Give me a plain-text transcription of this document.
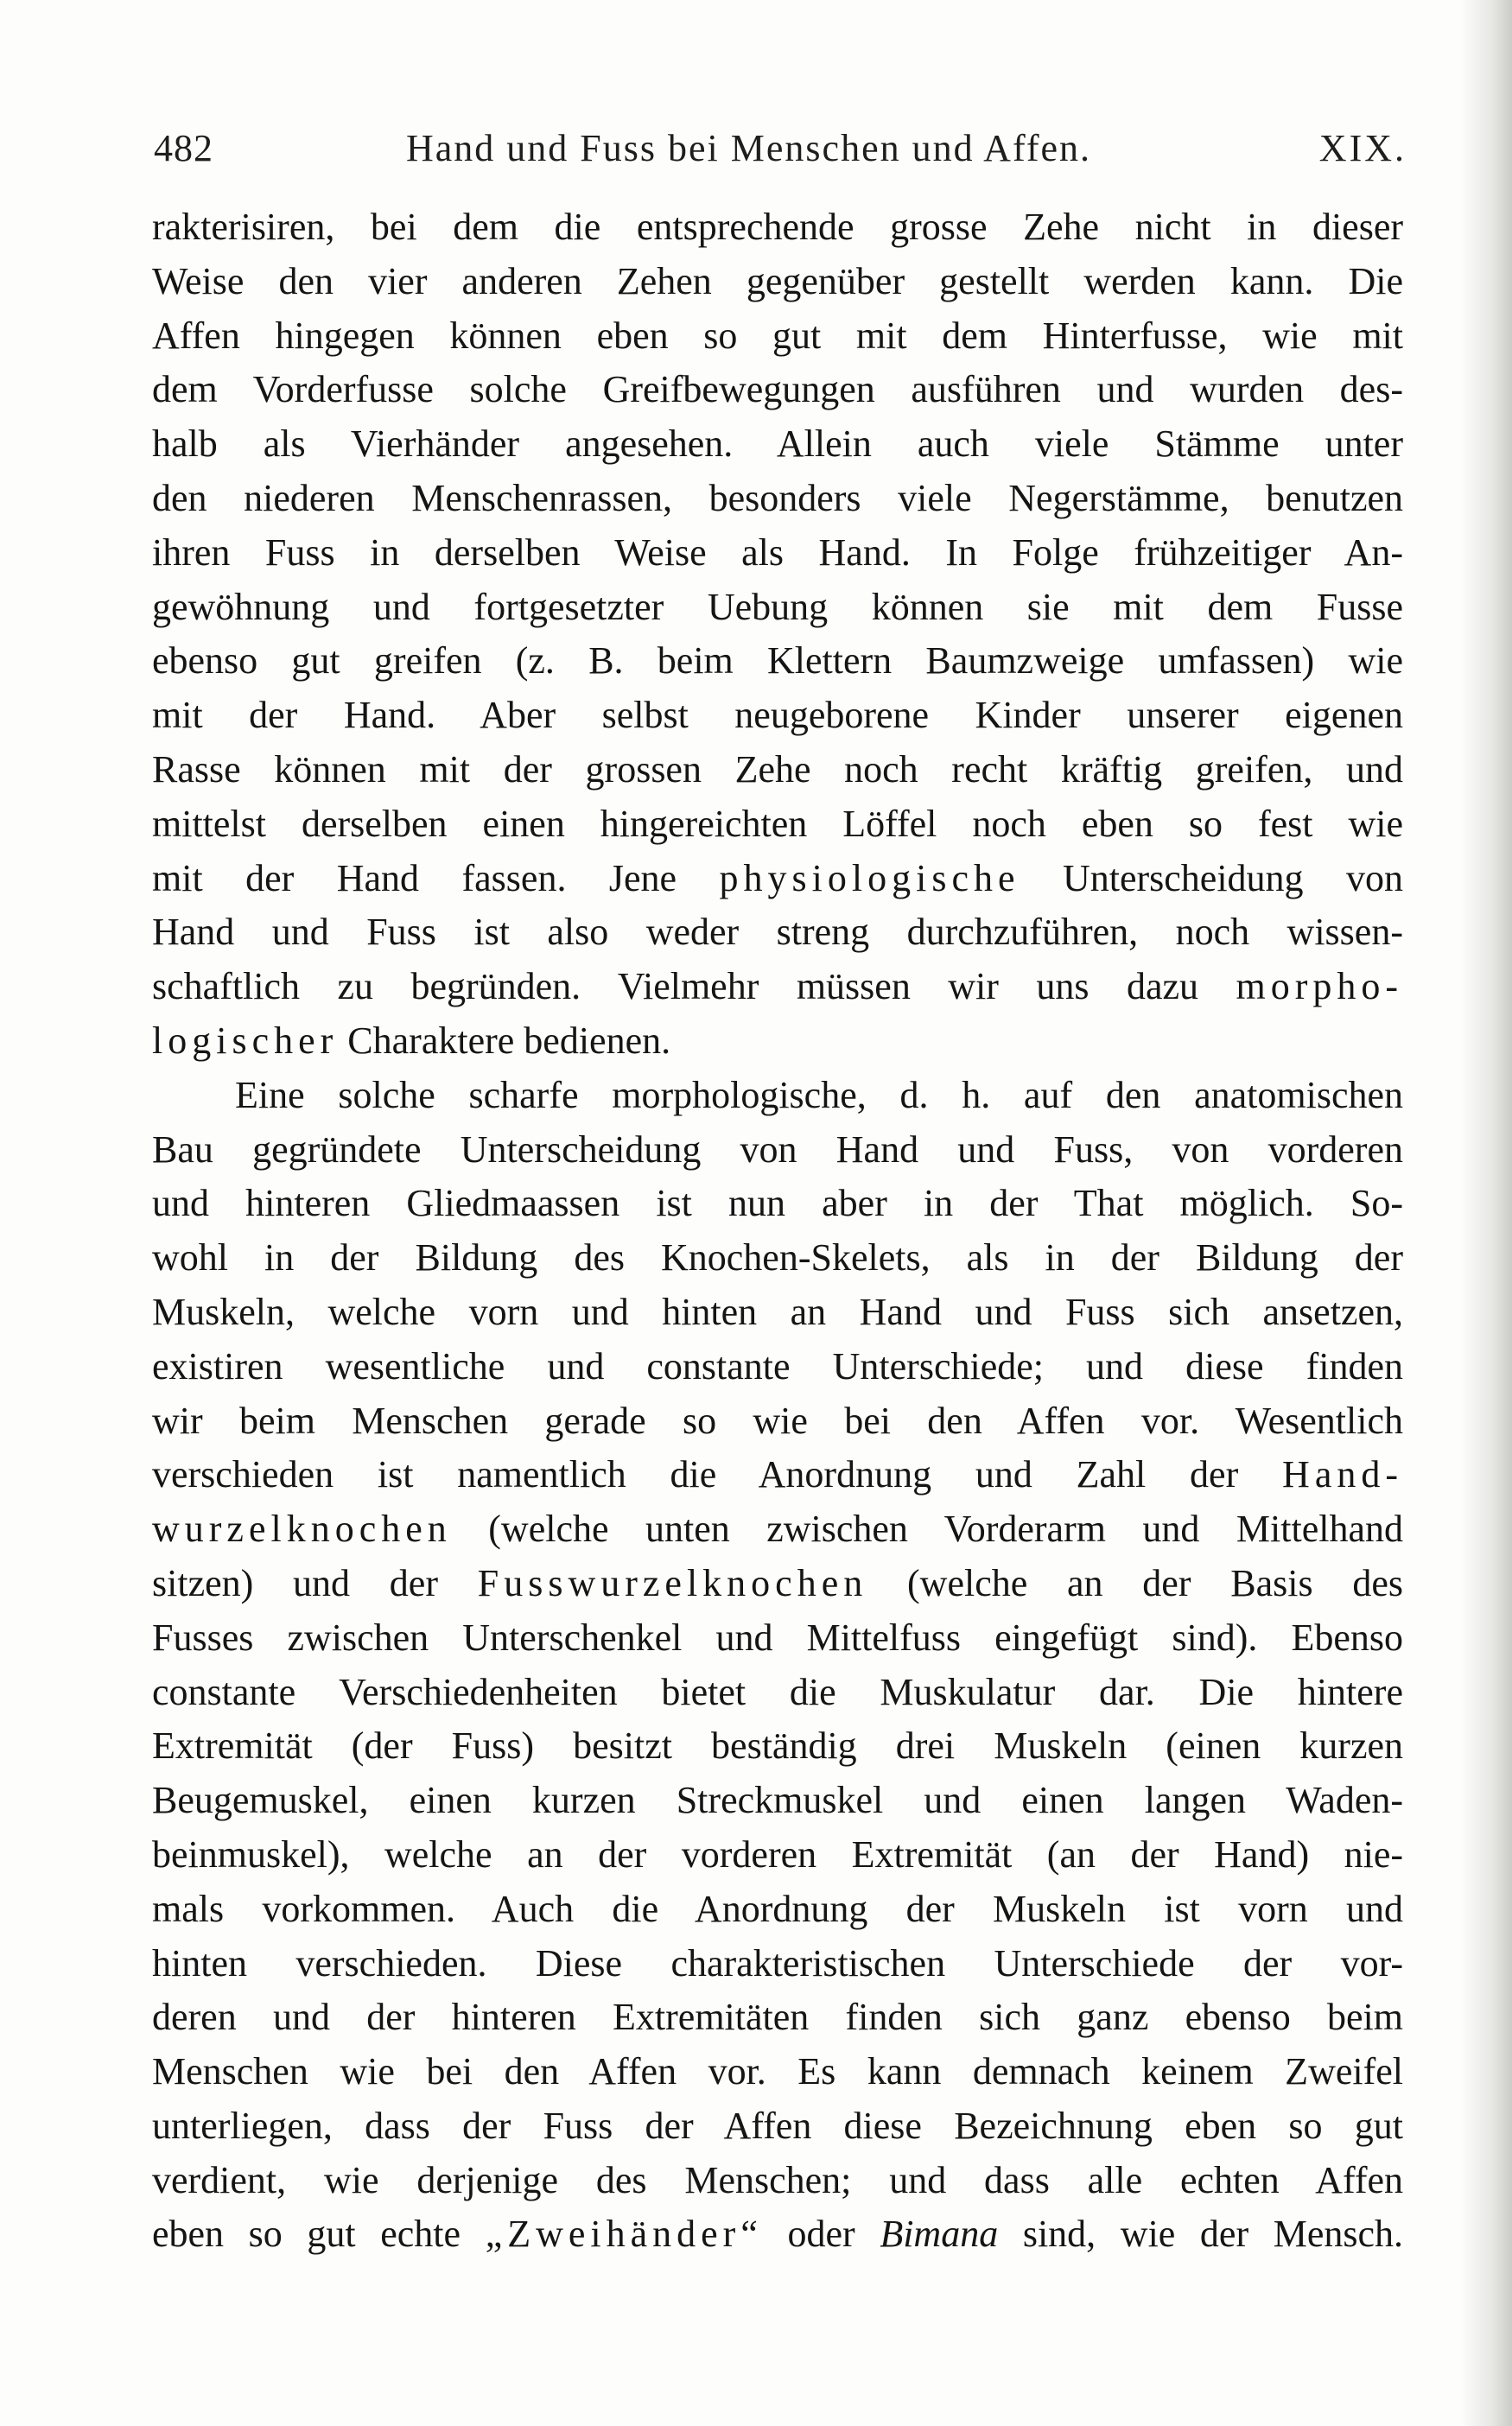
482	Hand und Fuss bei Menschen und Affen.	XIX.
rakterisiren, bei dem die entsprechende grosse Zehe nicht in dieser
Weise den vier anderen Zehen gegenüber gestellt werden kann. Die
Affen hingegen können eben so gut mit dem Hinterfusse, wie mit
dem Vorderfusse solche Greifbewegungen ausführen und wurden des-
halb als Vierhänder angesehen. Allein auch viele Stämme unter
den niederen Menschenrassen, besonders viele Negerstämme, benutzen
ihren Fuss in derselben Weise als Hand. In Folge frühzeitiger An-
gewöhnung und fortgesetzter Uebung können sie mit dem Fusse
ebenso gut greifen (z. B. beim Klettern Baumzweige umfassen) wie
mit der Hand. Aber selbst neugeborene Kinder unserer eigenen
Rasse können mit der grossen Zehe noch recht kräftig greifen, und
mittelst derselben einen hingereichten Löffel noch eben so fest wie
mit der Hand fassen. Jene physiologische Unterscheidung von
Hand und Fuss ist also weder streng durchzuführen, noch wissen-
schaftlich zu begründen. Vielmehr müssen wir uns dazu morpho-
logischer Charaktere bedienen.
Eine solche scharfe morphologische, d. h. auf den anatomischen
Bau gegründete Unterscheidung von Hand und Fuss, von vorderen
und hinteren Gliedmaassen ist nun aber in der That möglich. So-
wohl in der Bildung des Knochen-Skelets, als in der Bildung der
Muskeln, welche vorn und hinten an Hand und Fuss sich ansetzen,
existiren wesentliche und constante Unterschiede; und diese finden
wir beim Menschen gerade so wie bei den Affen vor. Wesentlich
verschieden ist namentlich die Anordnung und Zahl der Hand-
wurzelknochen (welche unten zwischen Vorderarm und Mittelhand
sitzen) und der Fusswurzelknochen (welche an der Basis des
Fusses zwischen Unterschenkel und Mittelfuss eingefügt sind). Ebenso
constante Verschiedenheiten bietet die Muskulatur dar. Die hintere
Extremität (der Fuss) besitzt beständig drei Muskeln (einen kurzen
Beugemuskel, einen kurzen Streckmuskel und einen langen Waden-
beinmuskel), welche an der vorderen Extremität (an der Hand) nie-
mals vorkommen. Auch die Anordnung der Muskeln ist vorn und
hinten verschieden. Diese charakteristischen Unterschiede der vor-
deren und der hinteren Extremitäten finden sich ganz ebenso beim
Menschen wie bei den Affen vor. Es kann demnach keinem Zweifel
unterliegen, dass der Fuss der Affen diese Bezeichnung eben so gut
verdient, wie derjenige des Menschen; und dass alle echten Affen
eben so gut echte „Zweihänder“ oder Bimana sind, wie der Mensch.
